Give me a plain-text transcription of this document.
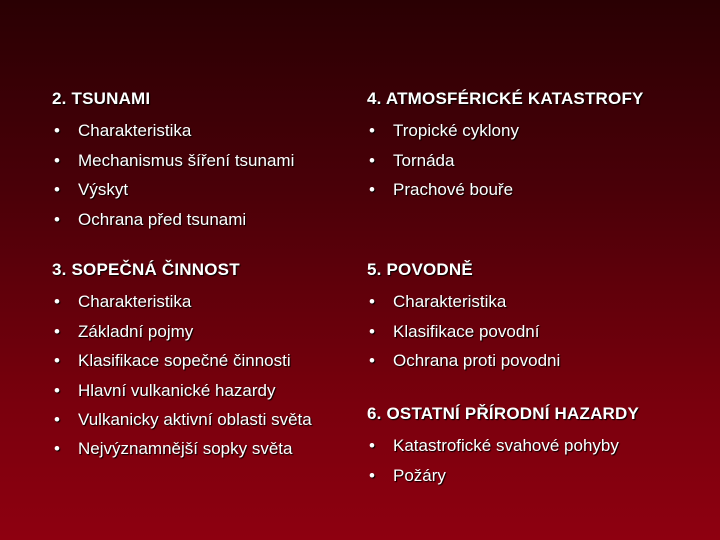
2. TSUNAMI
• Charakteristika
• Mechanismus šíření tsunami
• Výskyt
• Ochrana před tsunami
3. SOPEČNÁ ČINNOST
• Charakteristika
• Základní pojmy
• Klasifikace sopečné činnosti
• Hlavní vulkanické hazardy
• Vulkanicky aktivní oblasti světa
• Nejvýznamnější sopky světa
4. ATMOSFÉRICKÉ KATASTROFY
• Tropické cyklony
• Tornáda
• Prachové bouře
5. POVODNĚ
• Charakteristika
• Klasifikace povodní
• Ochrana proti povodni
6. OSTATNÍ PŘÍRODNÍ HAZARDY
• Katastrofické svahové pohyby
• Požáry
